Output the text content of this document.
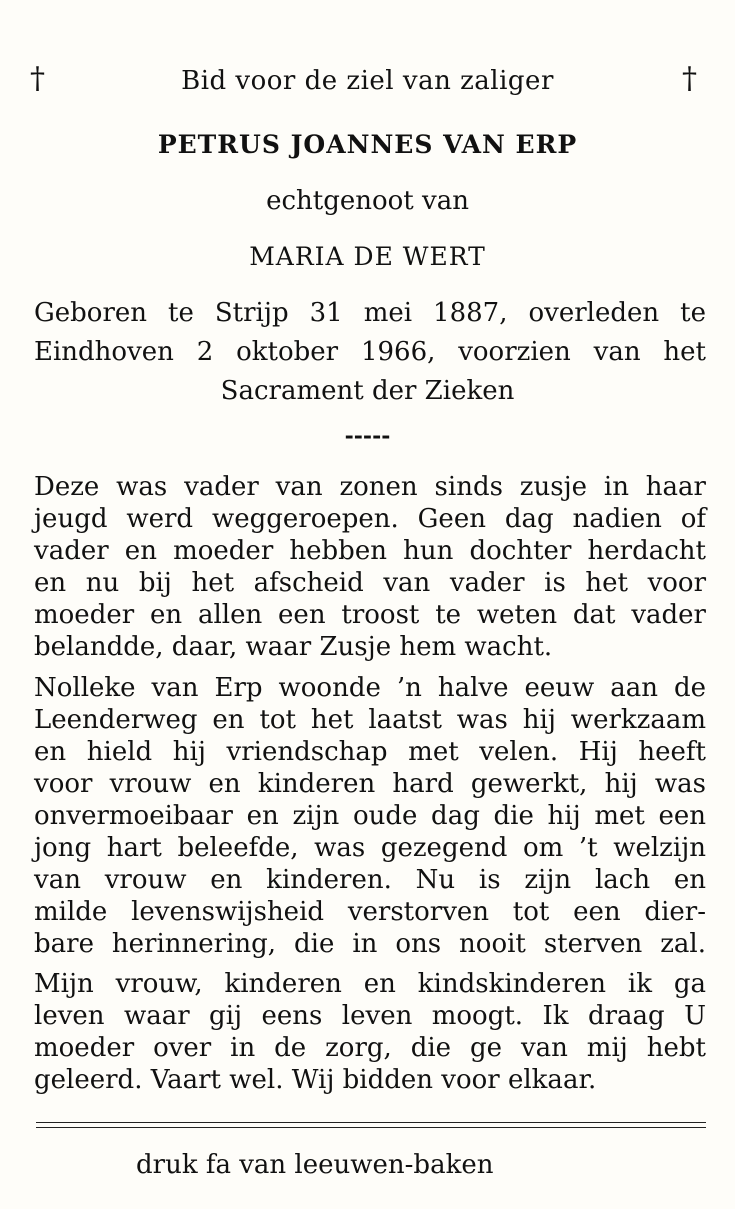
†	†
Bid voor de ziel van zaliger
PETRUS JOANNES VAN ERP
echtgenoot van
MARIA DE WERT
Geboren te Strijp 31 mei 1887, overleden te
Eindhoven 2 oktober 1966, voorzien van het
Sacrament der Zieken
-----
Deze was vader van zonen sinds zusje in haar
jeugd werd weggeroepen. Geen dag nadien of
vader en moeder hebben hun dochter herdacht
en nu bij het afscheid van vader is het voor
moeder en allen een troost te weten dat vader
belandde, daar, waar Zusje hem wacht.
Nolleke van Erp woonde ’n halve eeuw aan de
Leenderweg en tot het laatst was hij werkzaam
en hield hij vriendschap met velen. Hij heeft
voor vrouw en kinderen hard gewerkt, hij was
onvermoeibaar en zijn oude dag die hij met een
jong hart beleefde, was gezegend om ’t welzijn
van vrouw en kinderen. Nu is zijn lach en
milde levenswijsheid verstorven tot een dier-
bare herinnering, die in ons nooit sterven zal.
Mijn vrouw, kinderen en kindskinderen ik ga
leven waar gij eens leven moogt. Ik draag U
moeder over in de zorg, die ge van mij hebt
geleerd. Vaart wel. Wij bidden voor elkaar.
druk fa van leeuwen-baken
